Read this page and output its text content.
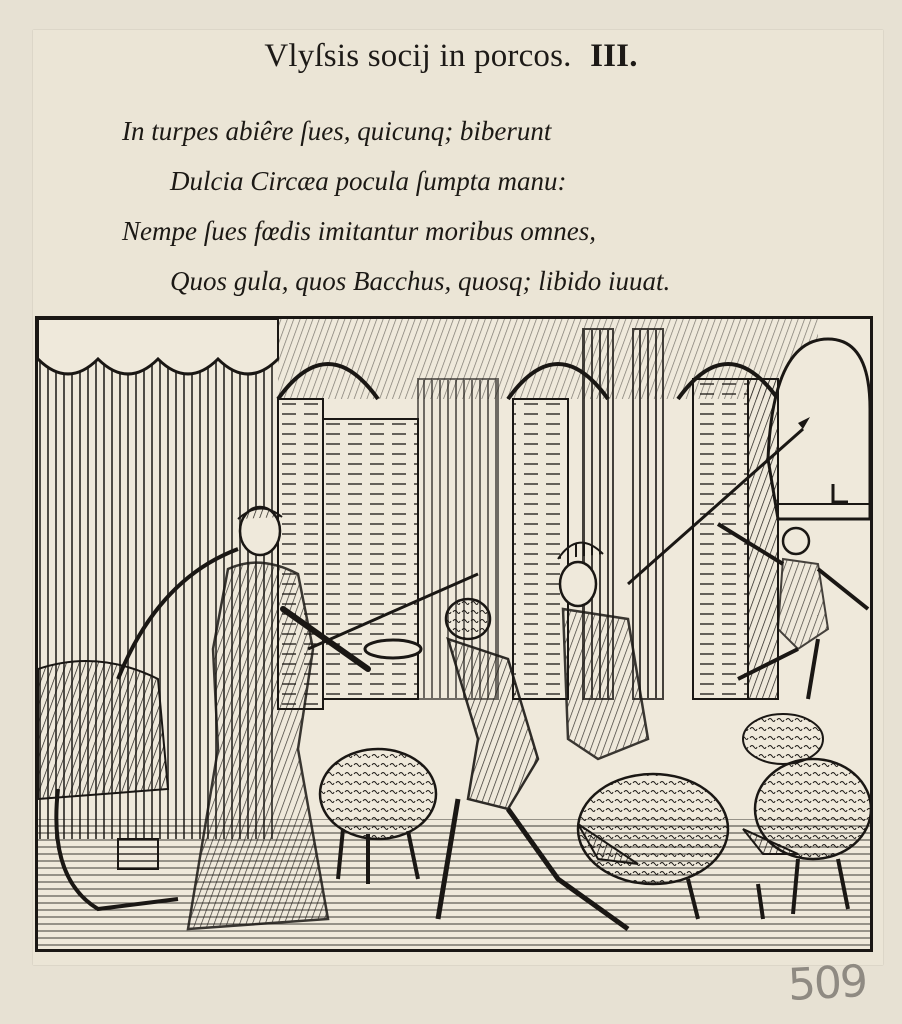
Vlyſsis socij in porcos. III.
In turpes abiêre ſues, quicunq; biberunt
Dulcia Circæa pocula ſumpta manu:
Nempe ſues fœdis imitantur moribus omnes,
Quos gula, quos Bacchus, quosq; libido iuuat.
509
